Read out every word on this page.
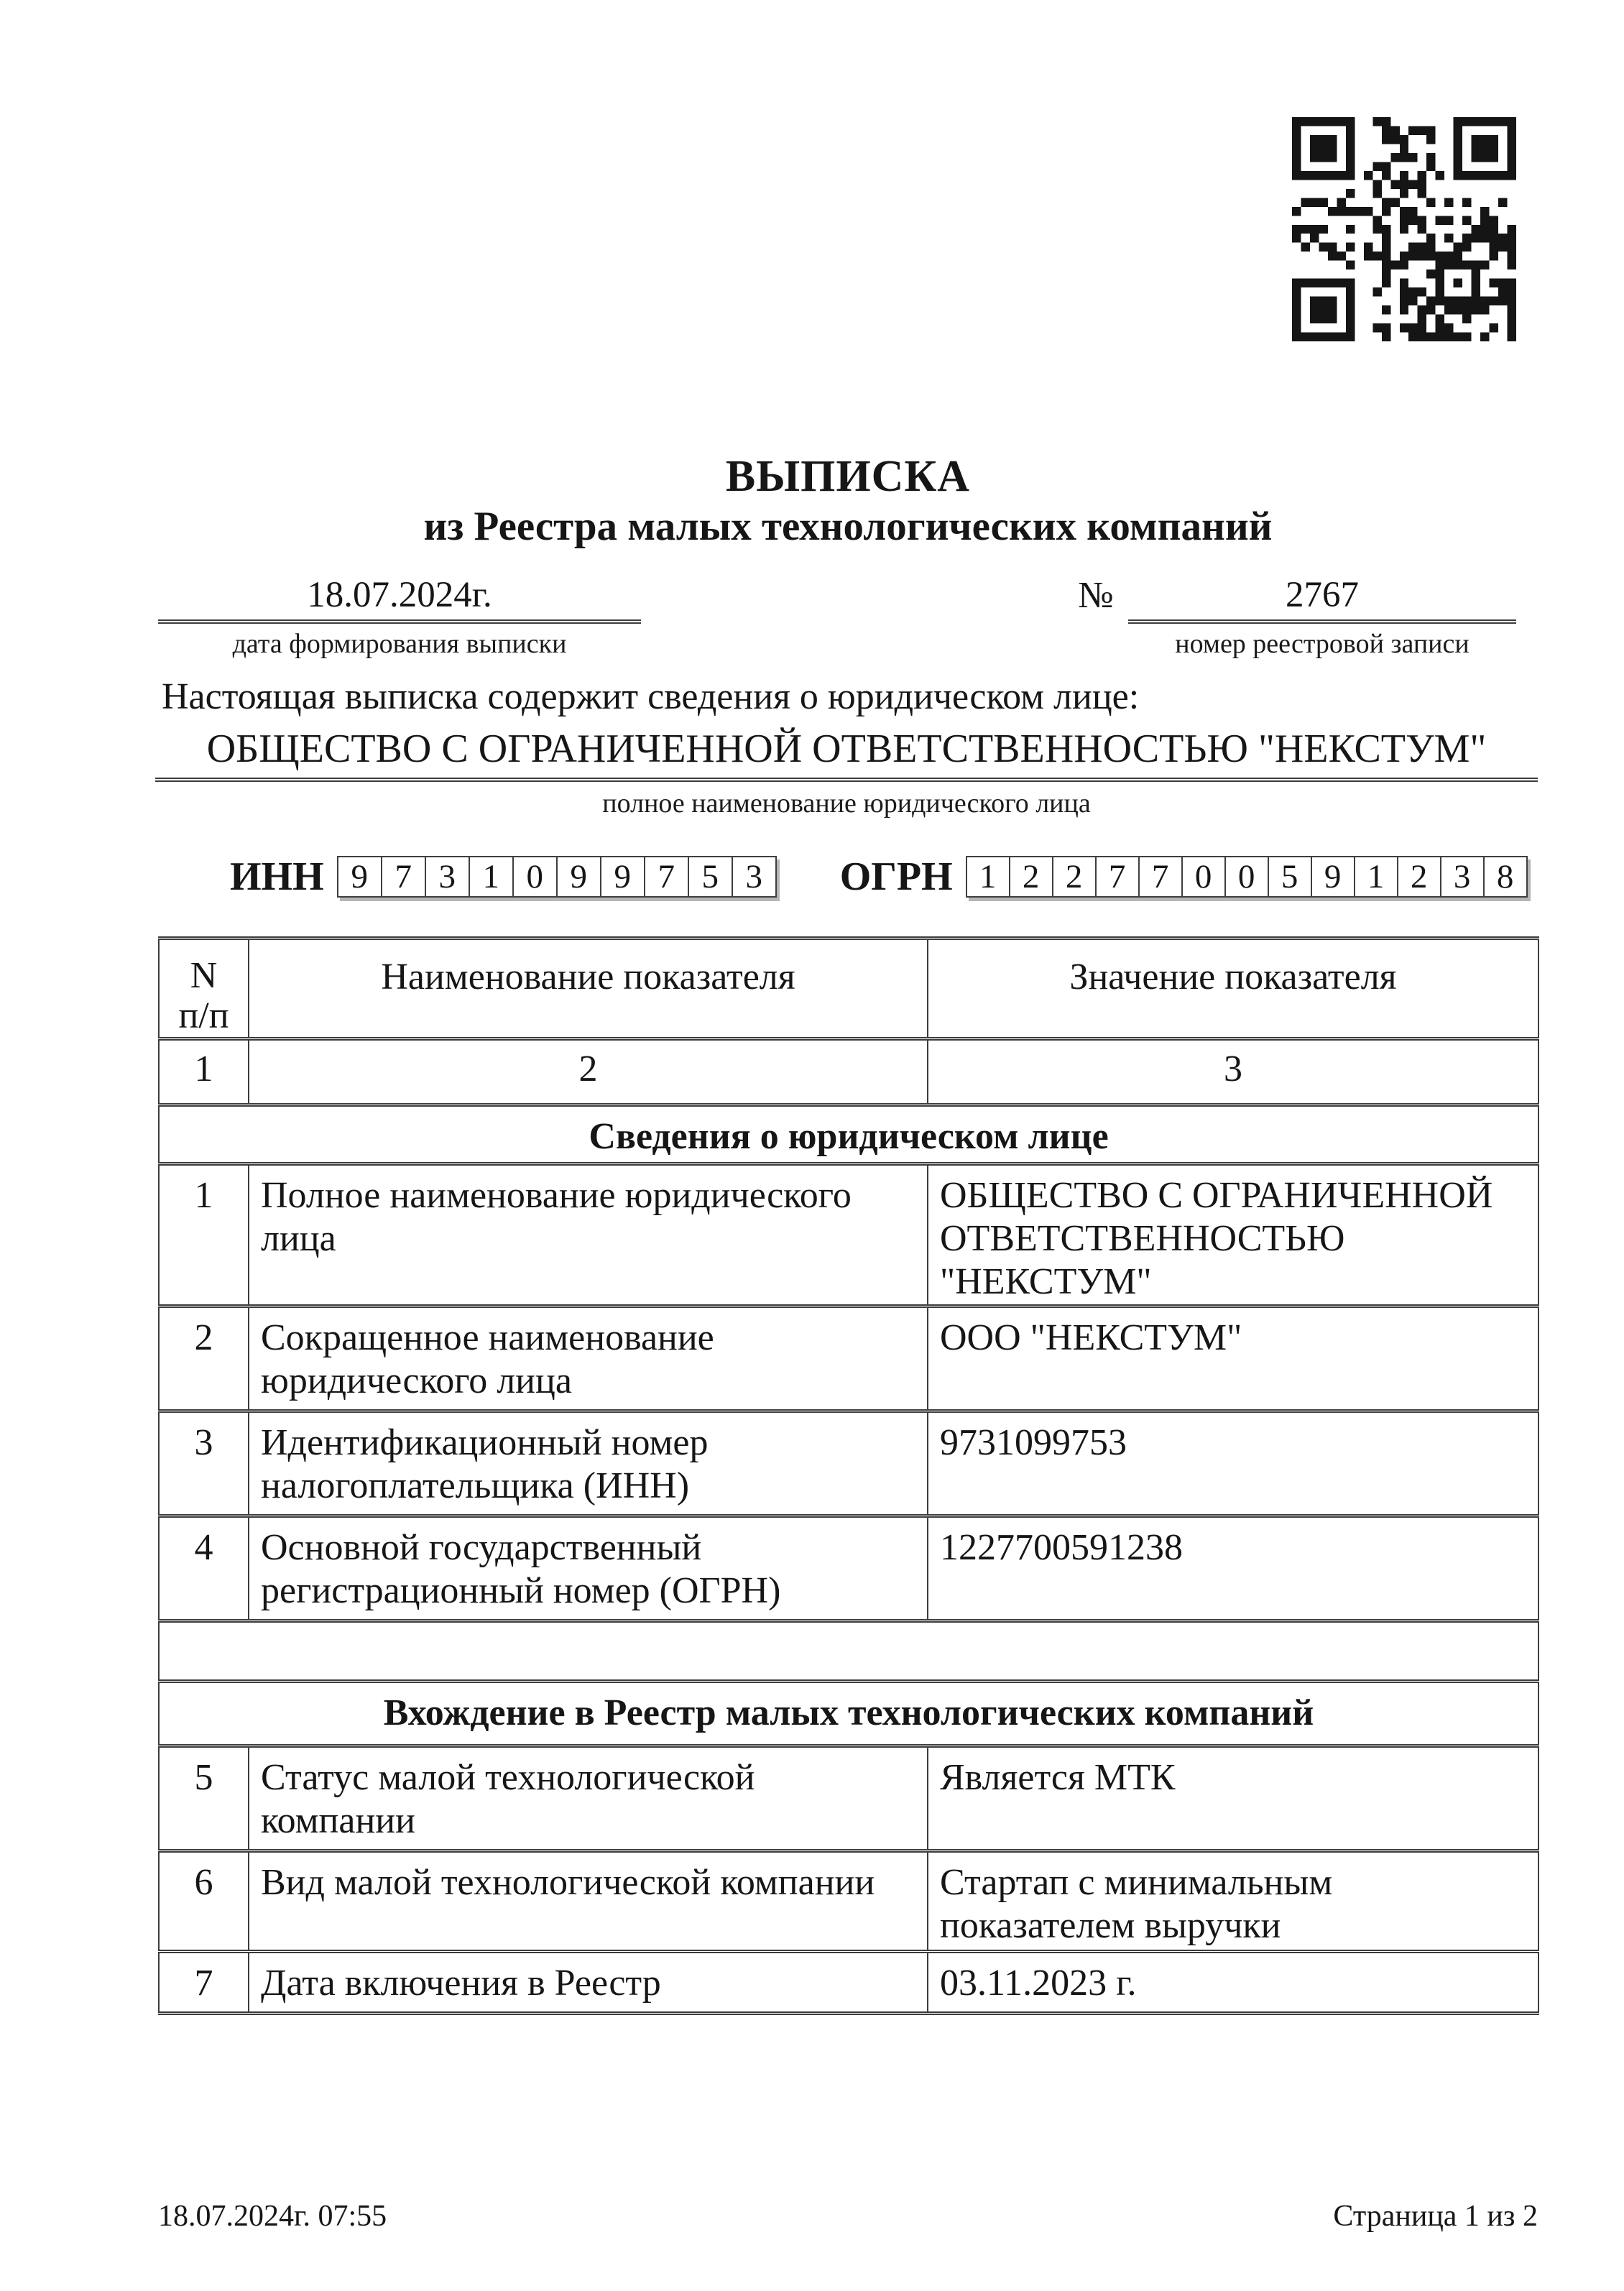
ВЫПИСКА
из Реестра малых технологических компаний
18.07.2024г.
дата формирования выписки
№	2767
номер реестровой записи
Настоящая выписка содержит сведения о юридическом лице:
ОБЩЕСТВО С ОГРАНИЧЕННОЙ ОТВЕТСТВЕННОСТЬЮ "НЕКСТУМ"
полное наименование юридического лица
ИНН 9 7 3 1 0 9 9 7 5 3	ОГРН 1 2 2 7 7 0 0 5 9 1 2 3 8
N
п/п	Наименование показателя	Значение показателя
1	2	3
Сведения о юридическом лице		
1	Полное наименование юридического лица	ОБЩЕСТВО С ОГРАНИЧЕННОЙ ОТВЕТСТВЕННОСТЬЮ "НЕКСТУМ"
2	Сокращенное наименование юридического лица	ООО "НЕКСТУМ"
3	Идентификационный номер налогоплательщика (ИНН)	9731099753
4	Основной государственный регистрационный номер (ОГРН)	1227700591238

Вхождение в Реестр малых технологических компаний		
5	Статус малой технологической компании	Является МТК
6	Вид малой технологической компании	Стартап с минимальным показателем выручки
7	Дата включения в Реестр	03.11.2023 г.
18.07.2024г. 07:55	Страница 1 из 2
